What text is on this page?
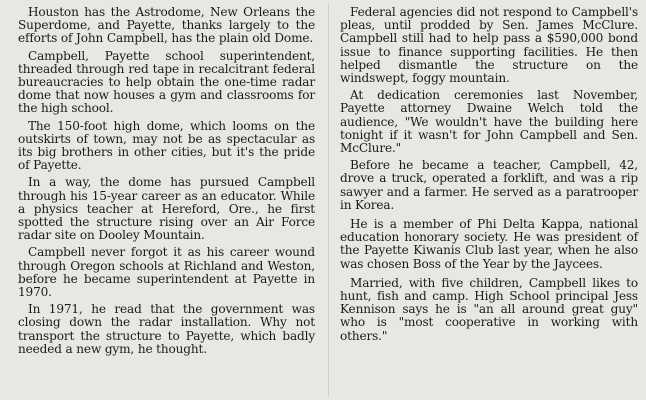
Houston has the Astrodome, New Orleans the Superdome, and Payette, thanks largely to the efforts of John Campbell, has the plain old Dome.

Campbell, Payette school superintendent, threaded through red tape in recalcitrant federal bureaucracies to help obtain the one-time radar dome that now houses a gym and classrooms for the high school.

The 150-foot high dome, which looms on the outskirts of town, may not be as spectacular as its big brothers in other cities, but it's the pride of Payette.

In a way, the dome has pursued Campbell through his 15-year career as an educator. While a physics teacher at Hereford, Ore., he first spotted the structure rising over an Air Force radar site on Dooley Mountain.

Campbell never forgot it as his career wound through Oregon schools at Richland and Weston, before he became superintendent at Payette in 1970.

In 1971, he read that the government was closing down the radar installation. Why not transport the structure to Payette, which badly needed a new gym, he thought.

Federal agencies did not respond to Campbell's pleas, until prodded by Sen. James McClure. Campbell still had to help pass a $590,000 bond issue to finance supporting facilities. He then helped dismantle the structure on the windswept, foggy mountain.

At dedication ceremonies last November, Payette attorney Dwaine Welch told the audience, "We wouldn't have the building here tonight if it wasn't for John Campbell and Sen. McClure."

Before he became a teacher, Campbell, 42, drove a truck, operated a forklift, and was a rip sawyer and a farmer. He served as a paratrooper in Korea.

He is a member of Phi Delta Kappa, national education honorary society. He was president of the Payette Kiwanis Club last year, when he also was chosen Boss of the Year by the Jaycees.

Married, with five children, Campbell likes to hunt, fish and camp. High School principal Jess Kennison says he is "an all around great guy" who is "most cooperative in working with others."
